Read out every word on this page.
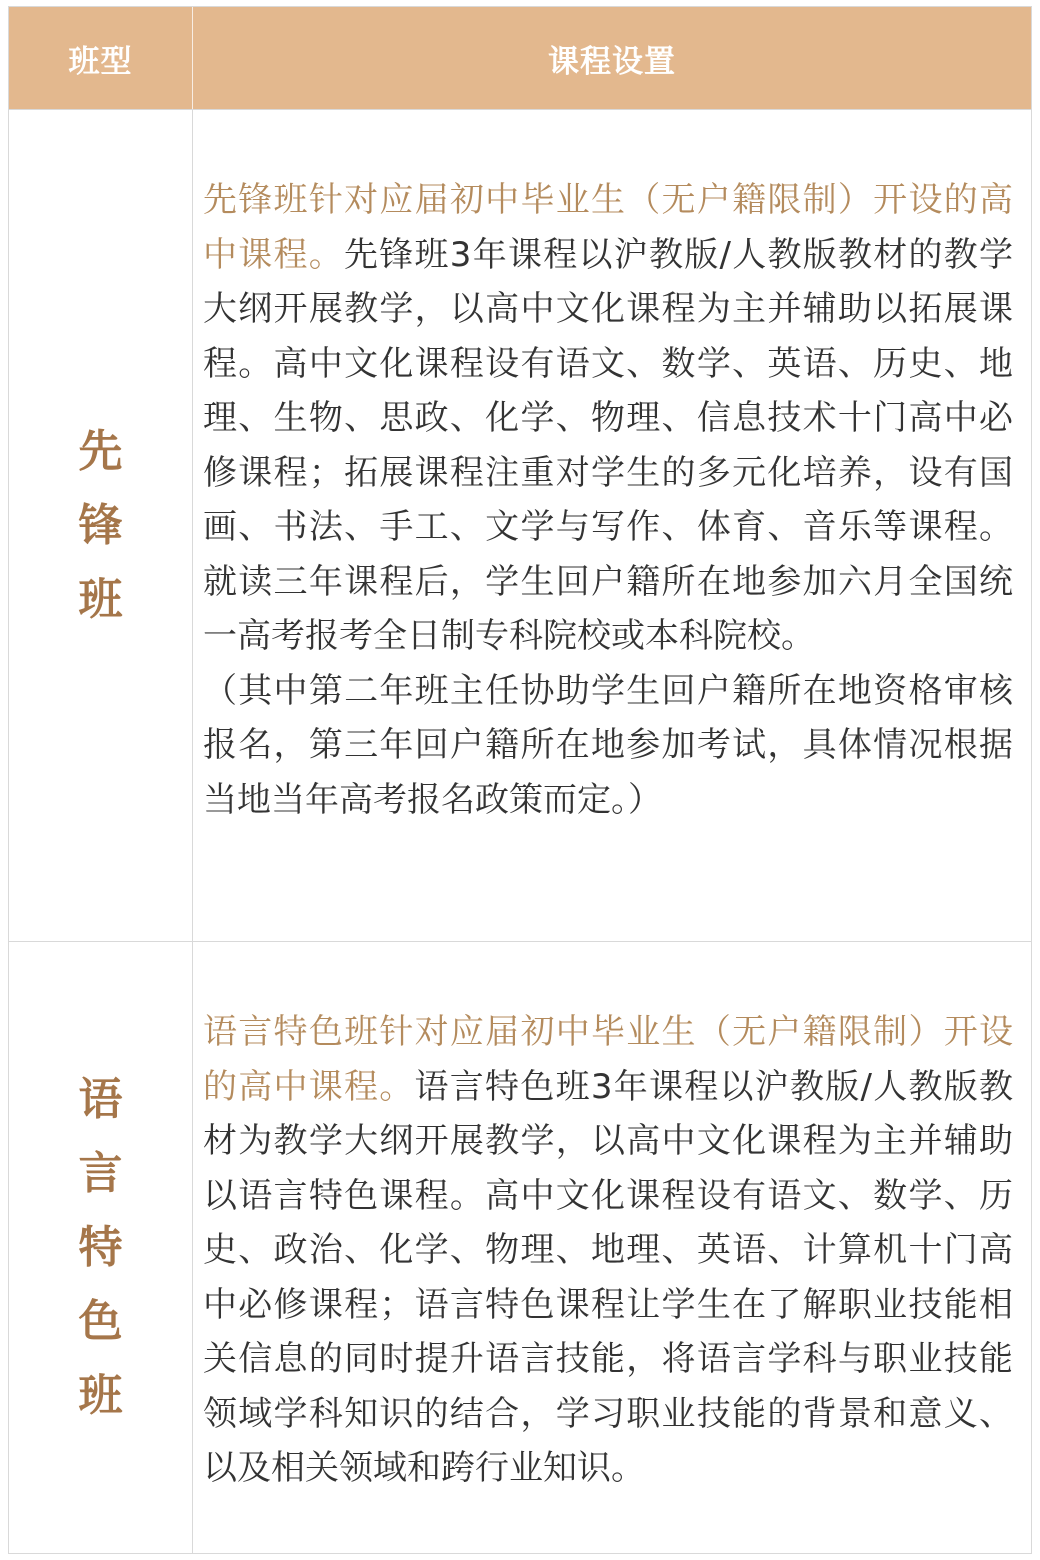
班型	课程设置
先锋班
先锋班针对应届初中毕业生（无户籍限制）开设的高中课程。先锋班3年课程以沪教版/人教版教材的教学大纲开展教学，以高中文化课程为主并辅助以拓展课程。高中文化课程设有语文、数学、英语、历史、地理、生物、思政、化学、物理、信息技术十门高中必修课程；拓展课程注重对学生的多元化培养，设有国画、书法、手工、文学与写作、体育、音乐等课程。就读三年课程后，学生回户籍所在地参加六月全国统一高考报考全日制专科院校或本科院校。
（其中第二年班主任协助学生回户籍所在地资格审核报名，第三年回户籍所在地参加考试，具体情况根据当地当年高考报名政策而定。）
语言特色班
语言特色班针对应届初中毕业生（无户籍限制）开设的高中课程。语言特色班3年课程以沪教版/人教版教材为教学大纲开展教学，以高中文化课程为主并辅助以语言特色课程。高中文化课程设有语文、数学、历史、政治、化学、物理、地理、英语、计算机十门高中必修课程；语言特色课程让学生在了解职业技能相关信息的同时提升语言技能，将语言学科与职业技能领域学科知识的结合，学习职业技能的背景和意义、以及相关领域和跨行业知识。
